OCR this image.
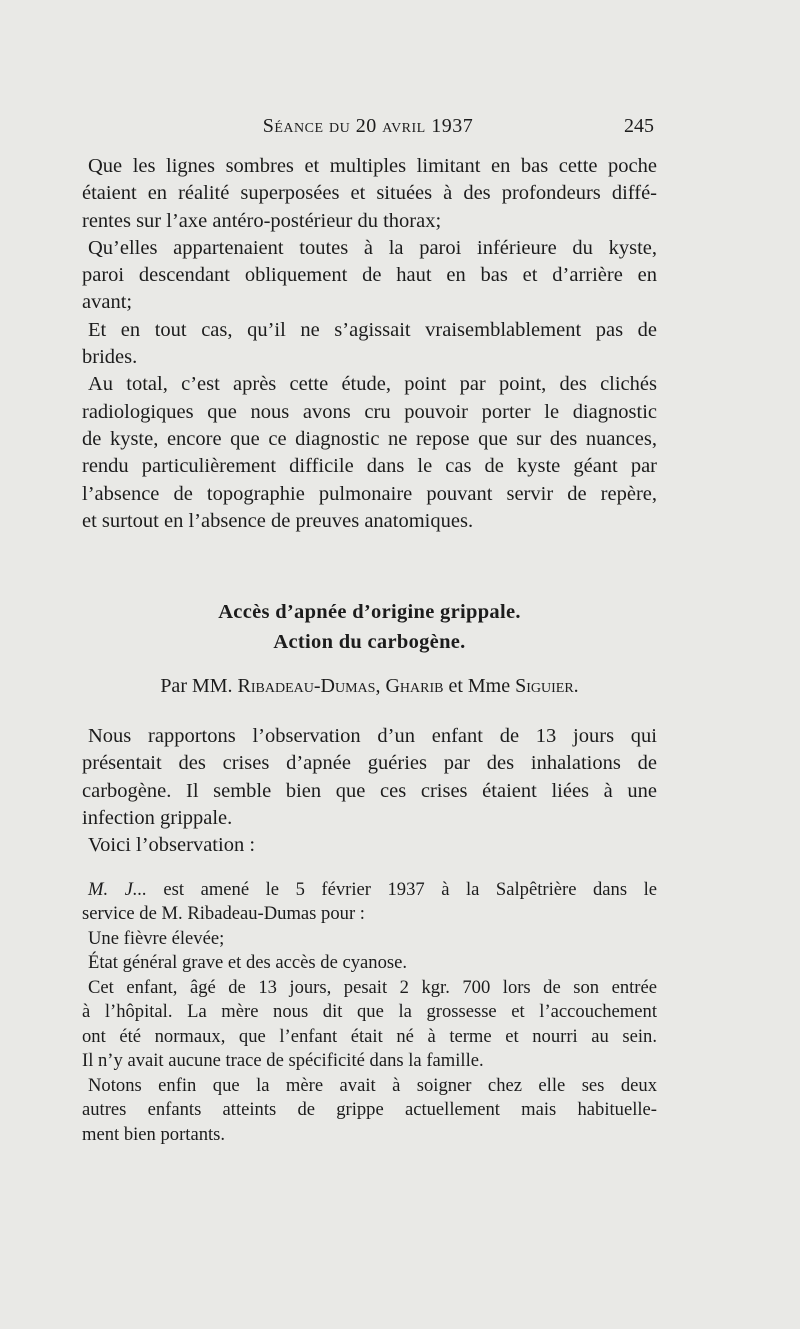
Séance du 20 avril 1937	245
Que les lignes sombres et multiples limitant en bas cette poche
étaient en réalité superposées et situées à des profondeurs diffé-
rentes sur l’axe antéro-postérieur du thorax;
Qu’elles appartenaient toutes à la paroi inférieure du kyste,
paroi descendant obliquement de haut en bas et d’arrière en
avant;
Et en tout cas, qu’il ne s’agissait vraisemblablement pas de
brides.
Au total, c’est après cette étude, point par point, des clichés
radiologiques que nous avons cru pouvoir porter le diagnostic
de kyste, encore que ce diagnostic ne repose que sur des nuances,
rendu particulièrement difficile dans le cas de kyste géant par
l’absence de topographie pulmonaire pouvant servir de repère,
et surtout en l’absence de preuves anatomiques.
Accès d’apnée d’origine grippale.
Action du carbogène.
Par MM. Ribadeau-Dumas, Gharib et Mme Siguier.
Nous rapportons l’observation d’un enfant de 13 jours qui
présentait des crises d’apnée guéries par des inhalations de
carbogène. Il semble bien que ces crises étaient liées à une
infection grippale.
Voici l’observation :
M. J... est amené le 5 février 1937 à la Salpêtrière dans le
service de M. Ribadeau-Dumas pour :
Une fièvre élevée;
État général grave et des accès de cyanose.
Cet enfant, âgé de 13 jours, pesait 2 kgr. 700 lors de son entrée
à l’hôpital. La mère nous dit que la grossesse et l’accouchement
ont été normaux, que l’enfant était né à terme et nourri au sein.
Il n’y avait aucune trace de spécificité dans la famille.
Notons enfin que la mère avait à soigner chez elle ses deux
autres enfants atteints de grippe actuellement mais habituelle-
ment bien portants.
